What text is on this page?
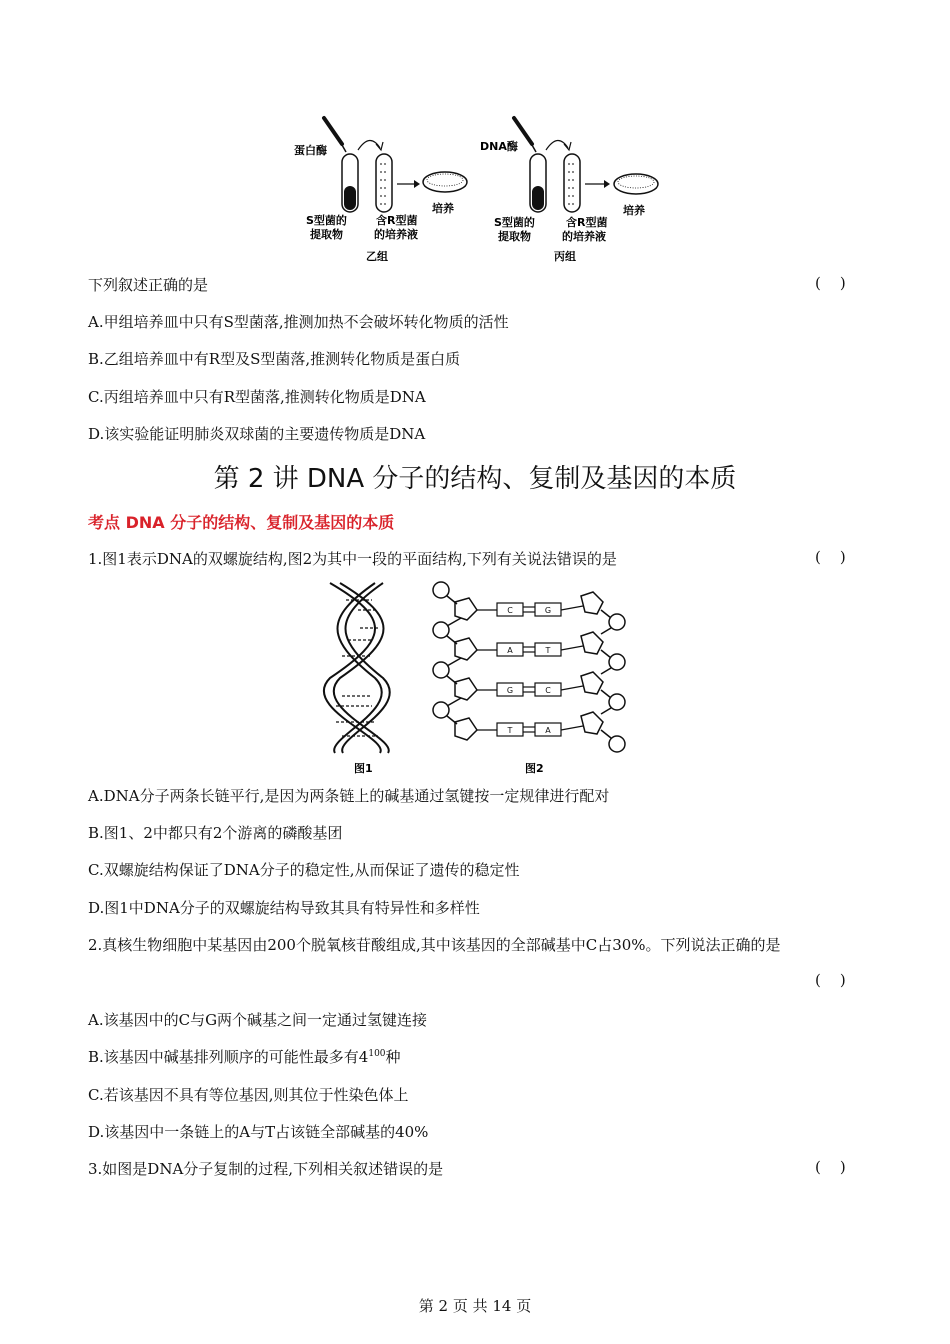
蛋白酶
培养
S型菌的
提取物
含R型菌
的培养液
乙组
DNA酶
培养
S型菌的
提取物
含R型菌
的培养液
丙组
下列叙述正确的是	(    )
A.甲组培养皿中只有S型菌落,推测加热不会破坏转化物质的活性
B.乙组培养皿中有R型及S型菌落,推测转化物质是蛋白质
C.丙组培养皿中只有R型菌落,推测转化物质是DNA
D.该实验能证明肺炎双球菌的主要遗传物质是DNA
第 2 讲 DNA 分子的结构、复制及基因的本质
考点 DNA 分子的结构、复制及基因的本质
1.图1表示DNA的双螺旋结构,图2为其中一段的平面结构,下列有关说法错误的是	(    )
图1
C	G
A	T
G	C
T	A
图2
A.DNA分子两条长链平行,是因为两条链上的碱基通过氢键按一定规律进行配对
B.图1、2中都只有2个游离的磷酸基团
C.双螺旋结构保证了DNA分子的稳定性,从而保证了遗传的稳定性
D.图1中DNA分子的双螺旋结构导致其具有特异性和多样性
2.真核生物细胞中某基因由200个脱氧核苷酸组成,其中该基因的全部碱基中C占30%。下列说法正确的是
(    )
A.该基因中的C与G两个碱基之间一定通过氢键连接
B.该基因中碱基排列顺序的可能性最多有$4^{100}$种
C.若该基因不具有等位基因,则其位于性染色体上
D.该基因中一条链上的A与T占该链全部碱基的40%
3.如图是DNA分子复制的过程,下列相关叙述错误的是	(    )
第 2 页 共 14 页
